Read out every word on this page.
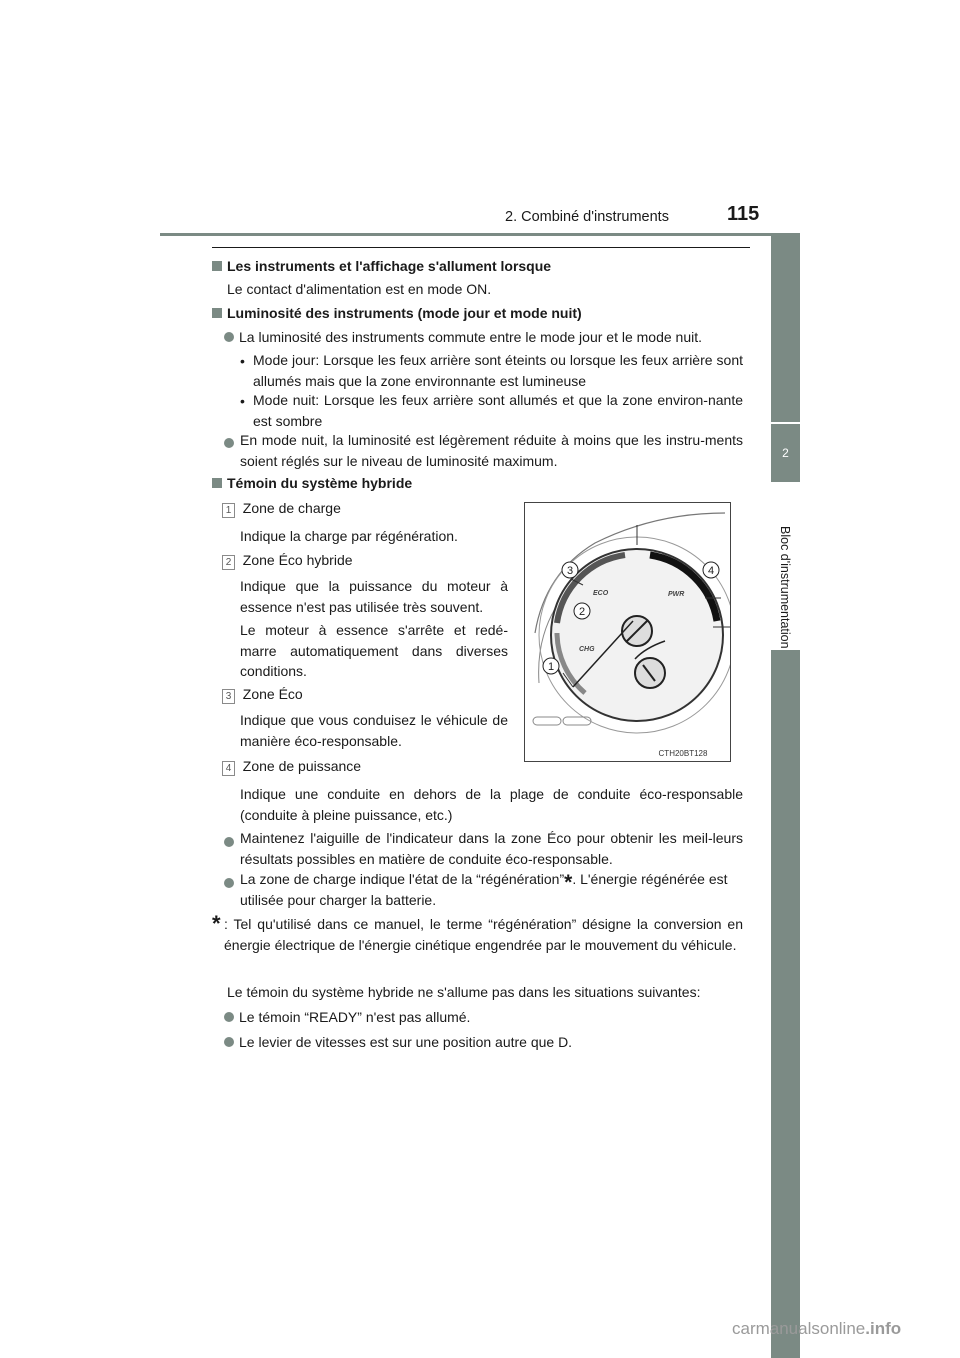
2. Combiné d'instruments	115
2
Bloc d'instrumentation
Les instruments et l'affichage s'allument lorsque
Le contact d'alimentation est en mode ON.
Luminosité des instruments (mode jour et mode nuit)
La luminosité des instruments commute entre le mode jour et le mode nuit.
• Mode jour: Lorsque les feux arrière sont éteints ou lorsque les feux arrière sont allumés mais que la zone environnante est lumineuse
• Mode nuit: Lorsque les feux arrière sont allumés et que la zone environ-nante est sombre
En mode nuit, la luminosité est légèrement réduite à moins que les instru-ments soient réglés sur le niveau de luminosité maximum.
Témoin du système hybride
1 Zone de charge
Indique la charge par régénération.
2 Zone Éco hybride
Indique que la puissance du moteur à essence n'est pas utilisée très souvent.
Le moteur à essence s'arrête et redé-marre automatiquement dans diverses conditions.
3 Zone Éco
Indique que vous conduisez le véhicule de manière éco-responsable.
4 Zone de puissance
Indique une conduite en dehors de la plage de conduite éco-responsable (conduite à pleine puissance, etc.)
ECO	PWR
CHG
3	4
2
1
CTH20BT128
Maintenez l'aiguille de l'indicateur dans la zone Éco pour obtenir les meil-leurs résultats possibles en matière de conduite éco-responsable.
La zone de charge indique l'état de la “régénération”*. L'énergie régénérée est utilisée pour charger la batterie.
* : Tel qu'utilisé dans ce manuel, le terme “régénération” désigne la conversion en énergie électrique de l'énergie cinétique engendrée par le mouvement du véhicule.
Le témoin du système hybride ne s'allume pas dans les situations suivantes:
Le témoin “READY” n'est pas allumé.
Le levier de vitesses est sur une position autre que D.
carmanualsonline.info
